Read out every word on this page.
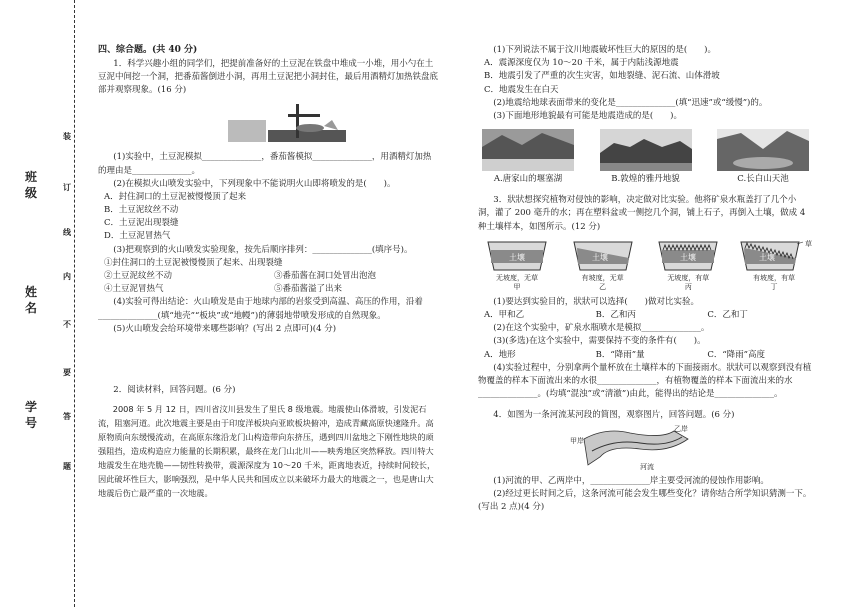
班级
姓名
学号
装
订
线
内
不
要
答
题

四、综合题。(共 40 分)

1．科学兴趣小组的同学们，把提前准备好的土豆泥在铁盘中堆成一小堆，用小勺在土豆泥中间挖一个洞，把番茄酱倒进小洞，再用土豆泥把小洞封住，最后用酒精灯加热铁盘底部并观察现象。(16 分)

(1)实验中，土豆泥模拟______________，番茄酱模拟______________，用酒精灯加热的理由是______________。

(2)在模拟火山喷发实验中，下列现象中不能说明火山即将喷发的是(　　)。

A．封住洞口的土豆泥被慢慢顶了起来

B．土豆泥纹丝不动

C．土豆泥出现裂缝

D．土豆泥冒热气

(3)把观察到的火山喷发实验现象，按先后顺序排列：______________(填序号)。

①封住洞口的土豆泥被慢慢顶了起来、出现裂缝

②土豆泥纹丝不动	③番茄酱在洞口处冒出泡泡

④土豆泥冒热气	⑤番茄酱溢了出来

(4)实验可得出结论：火山喷发是由于地球内部的岩浆受到高温、高压的作用，沿着______________(填“地壳”“板块”或“地幔”)的薄弱地带喷发形成的自然现象。

(5)火山喷发会给环境带来哪些影响？(写出 2 点即可)(4 分)

2．阅读材料，回答问题。(6 分)

2008 年 5 月 12 日，四川省汶川县发生了里氏 8 级地震。地震使山体滑坡，引发泥石流，阻塞河道。此次地震主要是由于印度洋板块向亚欧板块俯冲，造成青藏高原快速隆升。高原物质向东缓慢流动，在高原东缘沿龙门山构造带向东挤压，遇到四川盆地之下刚性地块的顽强阻挡，造成构造应力能量的长期积累，最终在龙门山北川——映秀地区突然释放。四川特大地震发生在地壳脆——韧性转换带，震源深度为 10～20 千米，距离地表近，持续时间较长，因此破坏性巨大，影响强烈，是中华人民共和国成立以来破坏力最大的地震之一，也是唐山大地震后伤亡最严重的一次地震。

(1)下列说法不属于汶川地震破坏性巨大的原因的是(　　)。

A．震源深度仅为 10～20 千米，属于内陆浅源地震

B．地震引发了严重的次生灾害，如地裂缝、泥石流、山体滑坡

C．地震发生在白天

(2)地震给地球表面带来的变化是______________(填“迅速”或“缓慢”)的。

(3)下面地形地貌最有可能是地震造成的是(　　)。

A.唐家山的堰塞湖	B.敦煌的雅丹地貌	C.长白山天池

3．狀狀想探究植物对侵蚀的影响，决定做对比实验。他将矿泉水瓶盖打了几个小洞，灌了 200 毫升的水；再在塑料盆或一侧挖几个洞，铺上石子，再倒入土壤，做成 4 种土壤样本，如图所示。(12 分)

土壤
无坡度，无草
甲
土壤
有坡度，无草
乙
土壤
无坡度，有草
丙
草
土壤
有坡度，有草
丁

(1)要达到实验目的，狀狀可以选择(　　)做对比实验。

A．甲和乙	B．乙和丙	C．乙和丁

(2)在这个实验中，矿泉水瓶喷水是模拟______________。

(3)(多选)在这个实验中，需要保持不变的条件有(　　)。

A．地形	B．“降雨”量	C．“降雨”高度

(4)实验过程中，分别拿两个量杯放在土壤样本的下面接雨水。狀狀可以观察到没有植物覆盖的样本下面流出来的水很______________，有植物覆盖的样本下面流出来的水______________。(均填“混浊”或“清澈”)由此，能得出的结论是______________。

4．如图为一条河流某河段的简图，观察图片，回答问题。(6 分)

甲岸
乙岸
河流

(1)河流的甲、乙两岸中，______________岸主要受河流的侵蚀作用影响。

(2)经过更长时间之后，这条河流可能会发生哪些变化？请你结合所学知识猜测一下。(写出 2 点)(4 分)
